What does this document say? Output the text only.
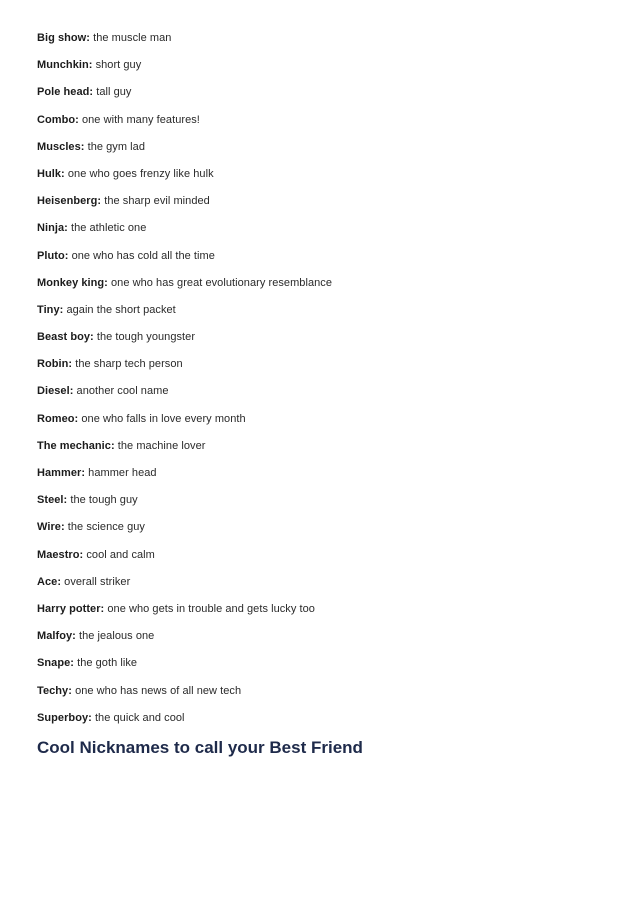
Big show: the muscle man
Munchkin: short guy
Pole head: tall guy
Combo: one with many features!
Muscles: the gym lad
Hulk: one who goes frenzy like hulk
Heisenberg: the sharp evil minded
Ninja: the athletic one
Pluto: one who has cold all the time
Monkey king: one who has great evolutionary resemblance
Tiny: again the short packet
Beast boy: the tough youngster
Robin: the sharp tech person
Diesel: another cool name
Romeo: one who falls in love every month
The mechanic: the machine lover
Hammer: hammer head
Steel: the tough guy
Wire: the science guy
Maestro: cool and calm
Ace: overall striker
Harry potter: one who gets in trouble and gets lucky too
Malfoy: the jealous one
Snape: the goth like
Techy: one who has news of all new tech
Superboy: the quick and cool
Cool Nicknames to call your Best Friend
